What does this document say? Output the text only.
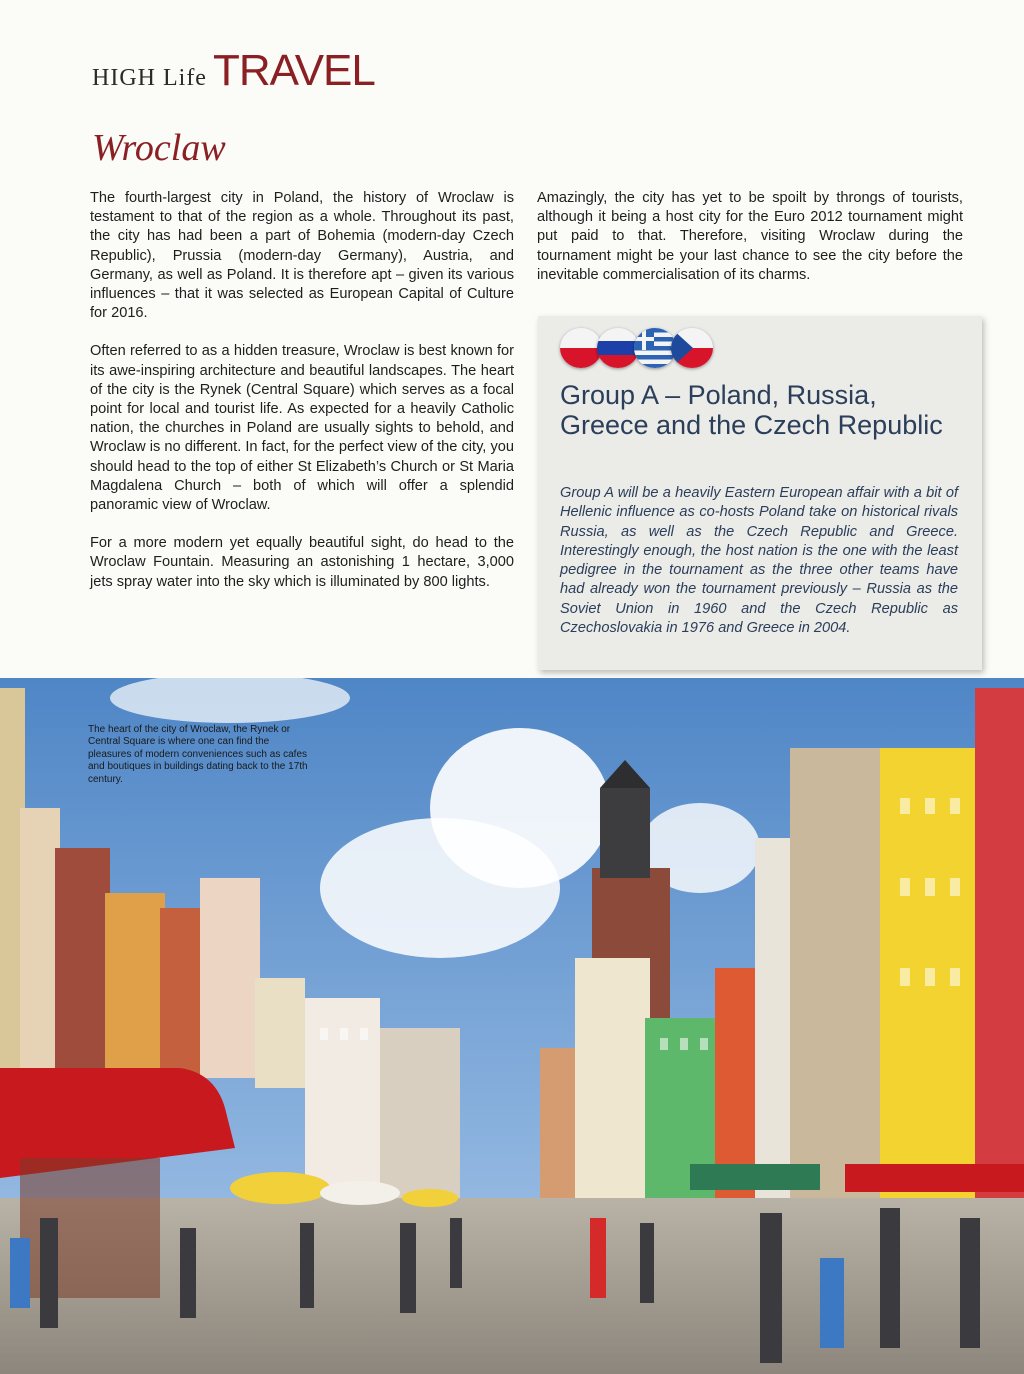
HIGH Life TRAVEL
Wroclaw

The fourth-largest city in Poland, the history of Wroclaw is testament to that of the region as a whole. Throughout its past, the city has had been a part of Bohemia (modern-day Czech Republic), Prussia (modern-day Germany), Austria, and Germany, as well as Poland. It is therefore apt – given its various influences – that it was selected as European Capital of Culture for 2016.

Often referred to as a hidden treasure, Wroclaw is best known for its awe-inspiring architecture and beautiful landscapes. The heart of the city is the Rynek (Central Square) which serves as a focal point for local and tourist life. As expected for a heavily Catholic nation, the churches in Poland are usually sights to behold, and Wroclaw is no different. In fact, for the perfect view of the city, you should head to the top of either St Elizabeth’s Church or St Maria Magdalena Church – both of which will offer a splendid panoramic view of Wroclaw.

For a more modern yet equally beautiful sight, do head to the Wroclaw Fountain. Measuring an astonishing 1 hectare, 3,000 jets spray water into the sky which is illuminated by 800 lights.

Amazingly, the city has yet to be spoilt by throngs of tourists, although it being a host city for the Euro 2012 tournament might put paid to that. Therefore, visiting Wroclaw during the tournament might be your last chance to see the city before the inevitable commercialisation of its charms.

Group A – Poland, Russia, Greece and the Czech Republic

Group A will be a heavily Eastern European affair with a bit of Hellenic influence as co-hosts Poland take on historical rivals Russia, as well as the Czech Republic and Greece. Interestingly enough, the host nation is the one with the least pedigree in the tournament as the three other teams have had already won the tournament previously – Russia as the Soviet Union in 1960 and the Czech Republic as Czechoslovakia in 1976 and Greece in 2004.

The heart of the city of Wroclaw, the Rynek or Central Square is where one can find the pleasures of modern conveniences such as cafes and boutiques in buildings dating back to the 17th century.
